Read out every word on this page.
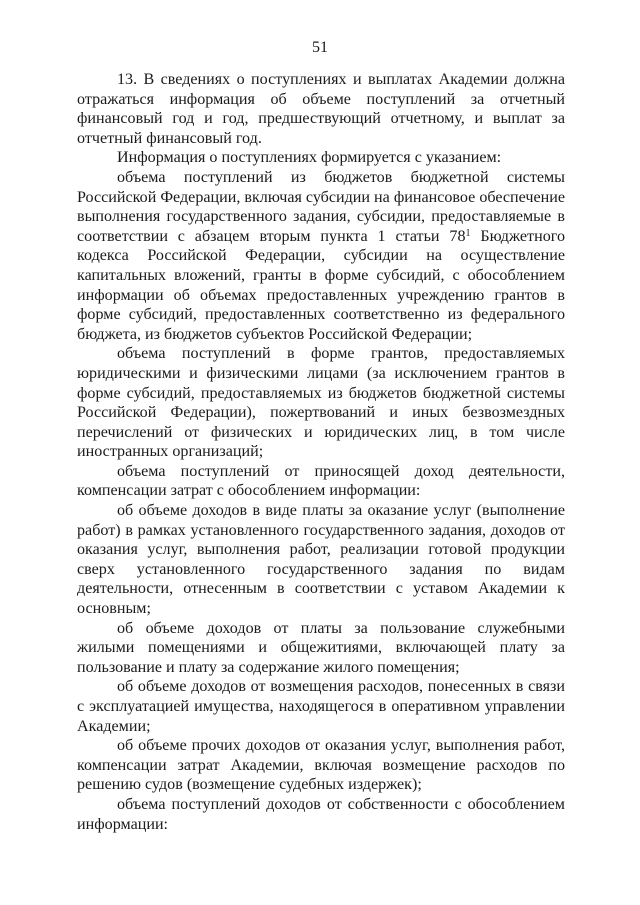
51

13. В сведениях о поступлениях и выплатах Академии должна отражаться информация об объеме поступлений за отчетный финансовый год и год, предшествующий отчетному, и выплат за отчетный финансовый год.

Информация о поступлениях формируется с указанием:

объема поступлений из бюджетов бюджетной системы Российской Федерации, включая субсидии на финансовое обеспечение выполнения государственного задания, субсидии, предоставляемые в соответствии с абзацем вторым пункта 1 статьи $78^1$ Бюджетного кодекса Российской Федерации, субсидии на осуществление капитальных вложений, гранты в форме субсидий, с обособлением информации об объемах предоставленных учреждению грантов в форме субсидий, предоставленных соответственно из федерального бюджета, из бюджетов субъектов Российской Федерации;

объема поступлений в форме грантов, предоставляемых юридическими и физическими лицами (за исключением грантов в форме субсидий, предоставляемых из бюджетов бюджетной системы Российской Федерации), пожертвований и иных безвозмездных перечислений от физических и юридических лиц, в том числе иностранных организаций;

объема поступлений от приносящей доход деятельности, компенсации затрат с обособлением информации:

об объеме доходов в виде платы за оказание услуг (выполнение работ) в рамках установленного государственного задания, доходов от оказания услуг, выполнения работ, реализации готовой продукции сверх установленного государственного задания по видам деятельности, отнесенным в соответствии с уставом Академии к основным;

об объеме доходов от платы за пользование служебными жилыми помещениями и общежитиями, включающей плату за пользование и плату за содержание жилого помещения;

об объеме доходов от возмещения расходов, понесенных в связи с эксплуатацией имущества, находящегося в оперативном управлении Академии;

об объеме прочих доходов от оказания услуг, выполнения работ, компенсации затрат Академии, включая возмещение расходов по решению судов (возмещение судебных издержек);

объема поступлений доходов от собственности с обособлением информации:
